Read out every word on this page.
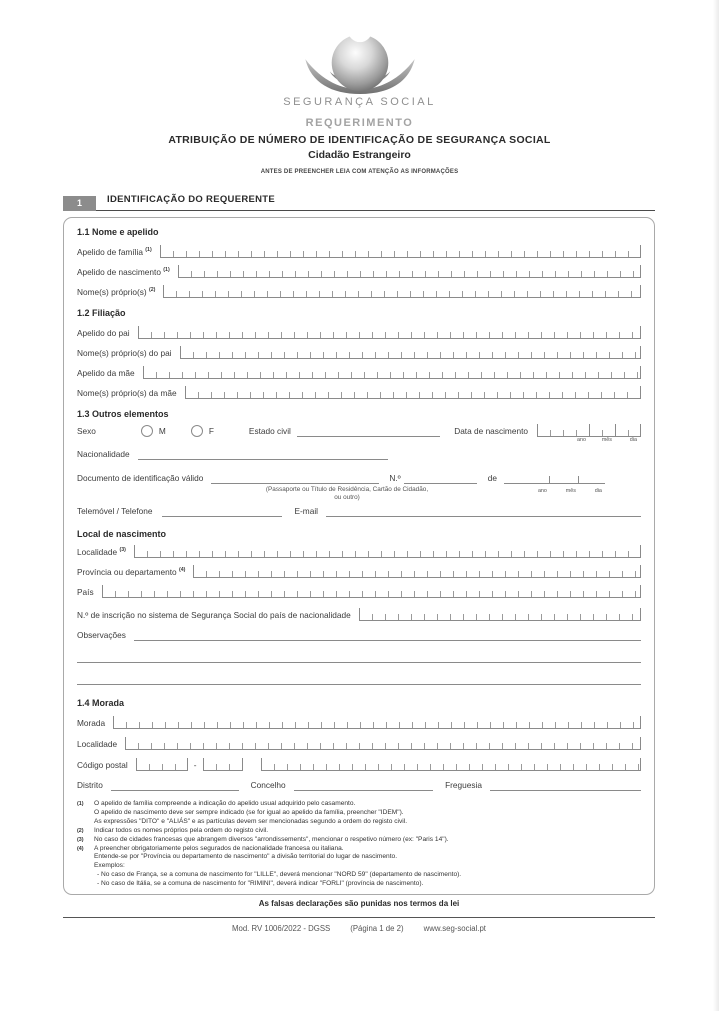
SEGURANÇA SOCIAL
REQUERIMENTO
ATRIBUIÇÃO DE NÚMERO DE IDENTIFICAÇÃO DE SEGURANÇA SOCIAL
Cidadão Estrangeiro
ANTES DE PREENCHER LEIA COM ATENÇÃO AS INFORMAÇÕES
1	IDENTIFICAÇÃO DO REQUERENTE
1.1 Nome e apelido
Apelido de família $^{(1)}$
Apelido de nascimento $^{(1)}$
Nome(s) próprio(s) $^{(2)}$
1.2 Filiação
Apelido do pai
Nome(s) próprio(s) do pai
Apelido da mãe
Nome(s) próprio(s) da mãe
1.3 Outros elementos
Sexo	M	F	Estado civil	Data de nascimento
ano	mês	dia
Nacionalidade
Documento de identificação válido	N.º	de
ano	mês	dia
(Passaporte ou Título de Residência, Cartão de Cidadão,
ou outro)
Telemóvel / Telefone	E-mail
Local de nascimento
Localidade $^{(3)}$
Província ou departamento $^{(4)}$
País
N.º de inscrição no sistema de Segurança Social do país de nacionalidade
Observações
1.4 Morada
Morada
Localidade
Código postal	-
Distrito	Concelho	Freguesia
(1)	O apelido de família compreende a indicação do apelido usual adquirido pelo casamento.
O apelido de nascimento deve ser sempre indicado (se for igual ao apelido da família, preencher "IDEM").
As expressões "DITO" e "ALIÁS" e as partículas devem ser mencionadas segundo a ordem do registo civil.
(2)	Indicar todos os nomes próprios pela ordem do registo civil.
(3)	No caso de cidades francesas que abrangem diversos "arrondissements", mencionar o respetivo número (ex: "Paris 14").
(4)	A preencher obrigatoriamente pelos segurados de nacionalidade francesa ou italiana.
Entende-se por "Província ou departamento de nascimento" a divisão territorial do lugar de nascimento.
Exemplos:
- No caso de França, se a comuna de nascimento for "LILLE", deverá mencionar "NORD 59" (departamento de nascimento).
- No caso de Itália, se a comuna de nascimento for "RIMINI", deverá indicar "FORLI" (província de nascimento).
As falsas declarações são punidas nos termos da lei
Mod. RV 1006/2022 - DGSS	(Página 1 de 2)	www.seg-social.pt
